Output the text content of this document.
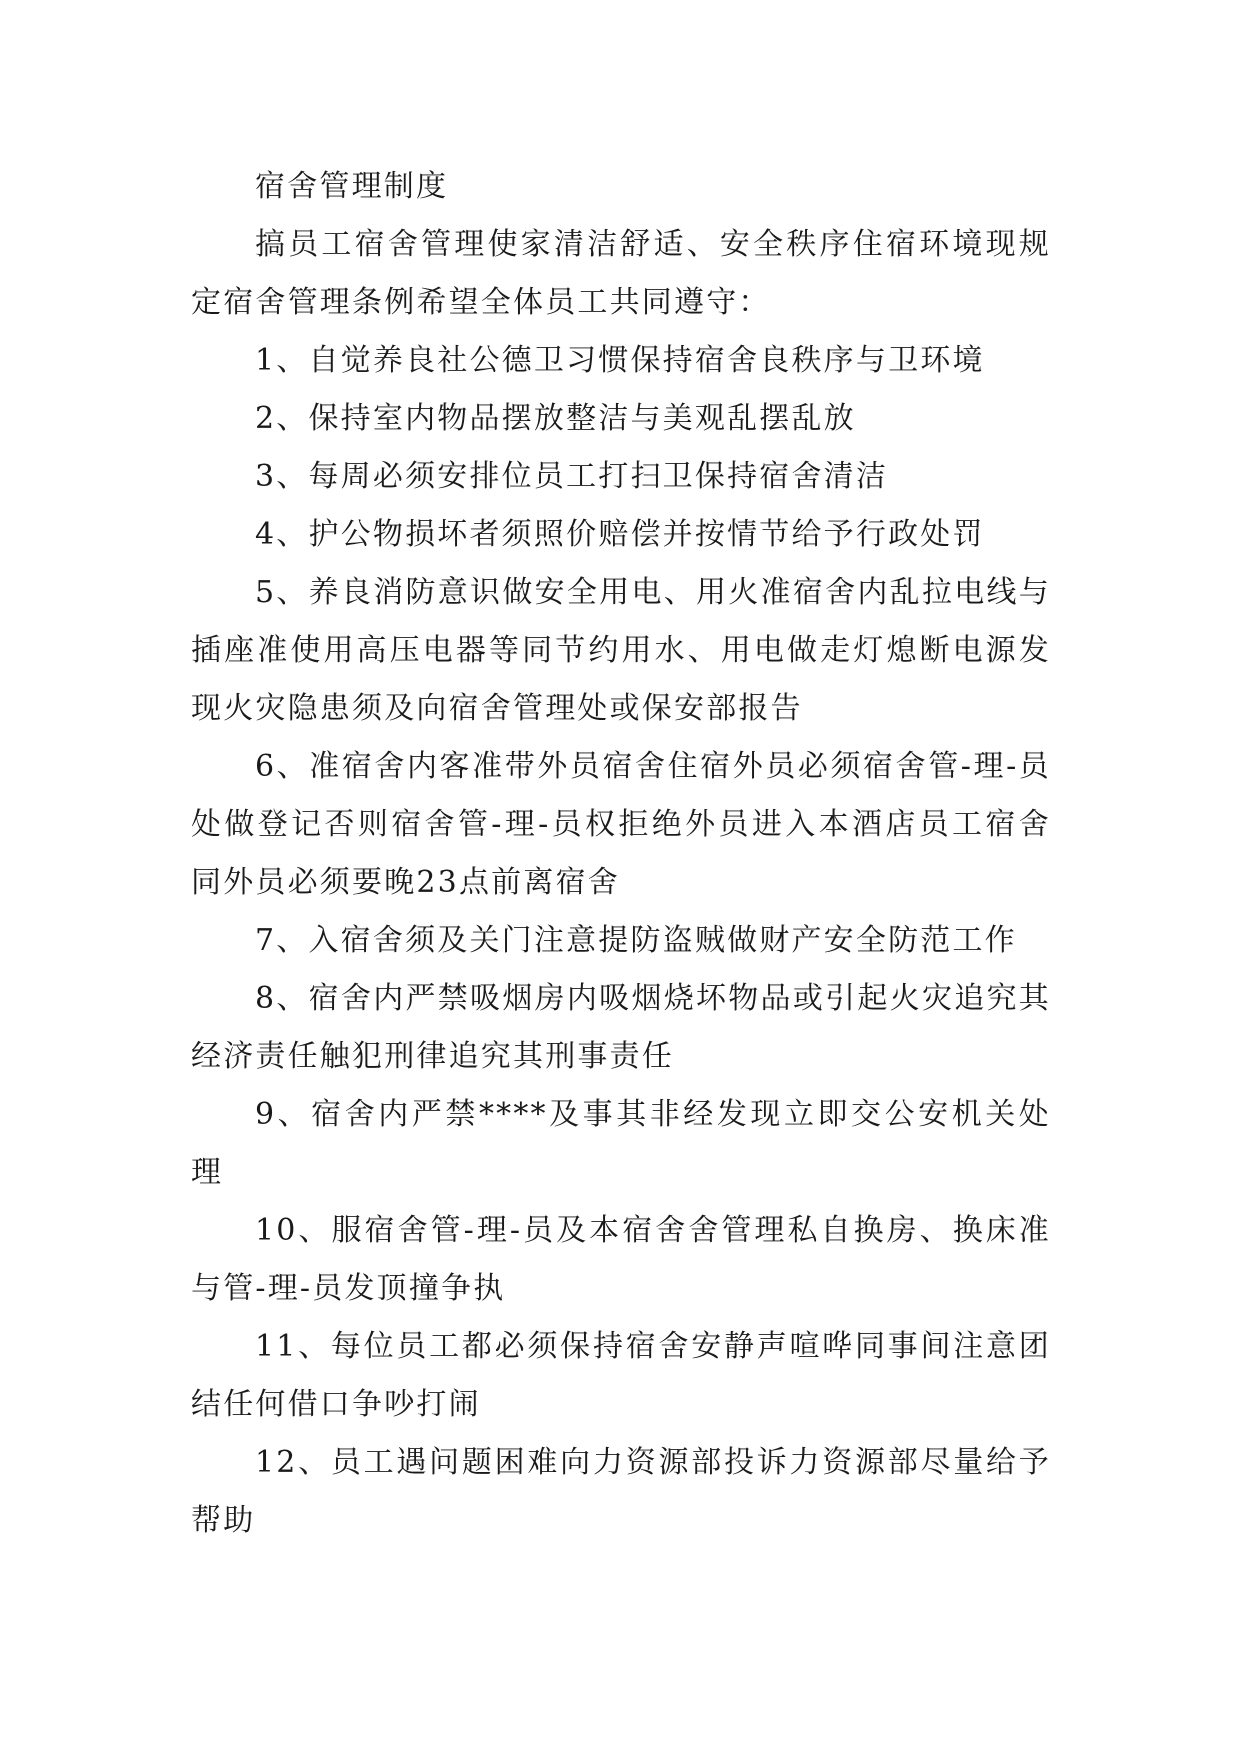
宿舍管理制度

搞员工宿舍管理使家清洁舒适、安全秩序住宿环境现规定宿舍管理条例希望全体员工共同遵守：

1、自觉养良社公德卫习惯保持宿舍良秩序与卫环境

2、保持室内物品摆放整洁与美观乱摆乱放

3、每周必须安排位员工打扫卫保持宿舍清洁

4、护公物损坏者须照价赔偿并按情节给予行政处罚

5、养良消防意识做安全用电、用火准宿舍内乱拉电线与插座准使用高压电器等同节约用水、用电做走灯熄断电源发现火灾隐患须及向宿舍管理处或保安部报告

6、准宿舍内客准带外员宿舍住宿外员必须宿舍管-理-员处做登记否则宿舍管-理-员权拒绝外员进入本酒店员工宿舍同外员必须要晚23点前离宿舍

7、入宿舍须及关门注意提防盗贼做财产安全防范工作

8、宿舍内严禁吸烟房内吸烟烧坏物品或引起火灾追究其经济责任触犯刑律追究其刑事责任

9、宿舍内严禁****及事其非经发现立即交公安机关处理

10、服宿舍管-理-员及本宿舍舍管理私自换房、换床准与管-理-员发顶撞争执

11、每位员工都必须保持宿舍安静声喧哗同事间注意团结任何借口争吵打闹

12、员工遇问题困难向力资源部投诉力资源部尽量给予帮助
